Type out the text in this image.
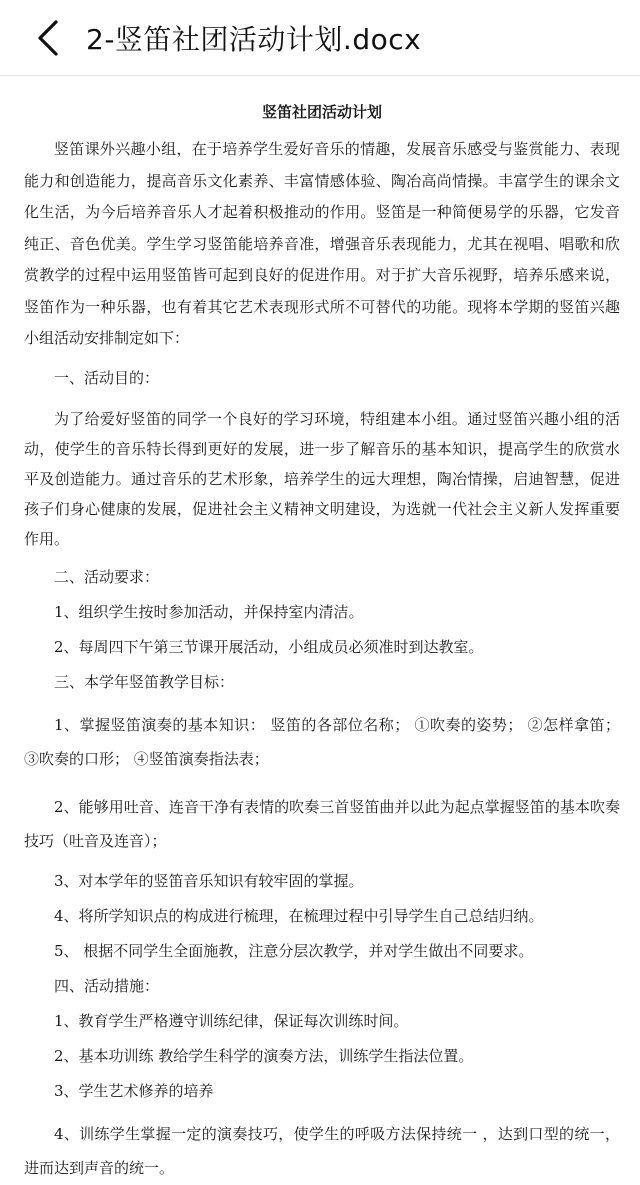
2-竖笛社团活动计划.docx
竖笛社团活动计划

竖笛课外兴趣小组，在于培养学生爱好音乐的情趣，发展音乐感受与鉴赏能力、表现能力和创造能力，提高音乐文化素养、丰富情感体验、陶冶高尚情操。丰富学生的课余文化生活，为今后培养音乐人才起着积极推动的作用。竖笛是一种简便易学的乐器，它发音纯正、音色优美。学生学习竖笛能培养音准，增强音乐表现能力，尤其在视唱、唱歌和欣赏教学的过程中运用竖笛皆可起到良好的促进作用。对于扩大音乐视野，培养乐感来说，竖笛作为一种乐器，也有着其它艺术表现形式所不可替代的功能。现将本学期的竖笛兴趣小组活动安排制定如下：

一、活动目的：

为了给爱好竖笛的同学一个良好的学习环境，特组建本小组。通过竖笛兴趣小组的活动，使学生的音乐特长得到更好的发展，进一步了解音乐的基本知识，提高学生的欣赏水平及创造能力。通过音乐的艺术形象，培养学生的远大理想，陶冶情操，启迪智慧，促进孩子们身心健康的发展，促进社会主义精神文明建设，为选就一代社会主义新人发挥重要作用。

二、活动要求：

1、组织学生按时参加活动，并保持室内清洁。

2、每周四下午第三节课开展活动，小组成员必须准时到达教室。

三、本学年竖笛教学目标：

1、掌握竖笛演奏的基本知识： 竖笛的各部位名称； ①吹奏的姿势； ②怎样拿笛； ③吹奏的口形； ④竖笛演奏指法表；

2、能够用吐音、连音干净有表情的吹奏三首竖笛曲并以此为起点掌握竖笛的基本吹奏技巧（吐音及连音）；

3、对本学年的竖笛音乐知识有较牢固的掌握。

4、将所学知识点的构成进行梳理，在梳理过程中引导学生自己总结归纳。

5、 根据不同学生全面施教，注意分层次教学，并对学生做出不同要求。

四、活动措施：

1、教育学生严格遵守训练纪律，保证每次训练时间。

2、基本功训练 教给学生科学的演奏方法，训练学生指法位置。

3、学生艺术修养的培养

4、训练学生掌握一定的演奏技巧，使学生的呼吸方法保持统一 ，达到口型的统一，进而达到声音的统一。
